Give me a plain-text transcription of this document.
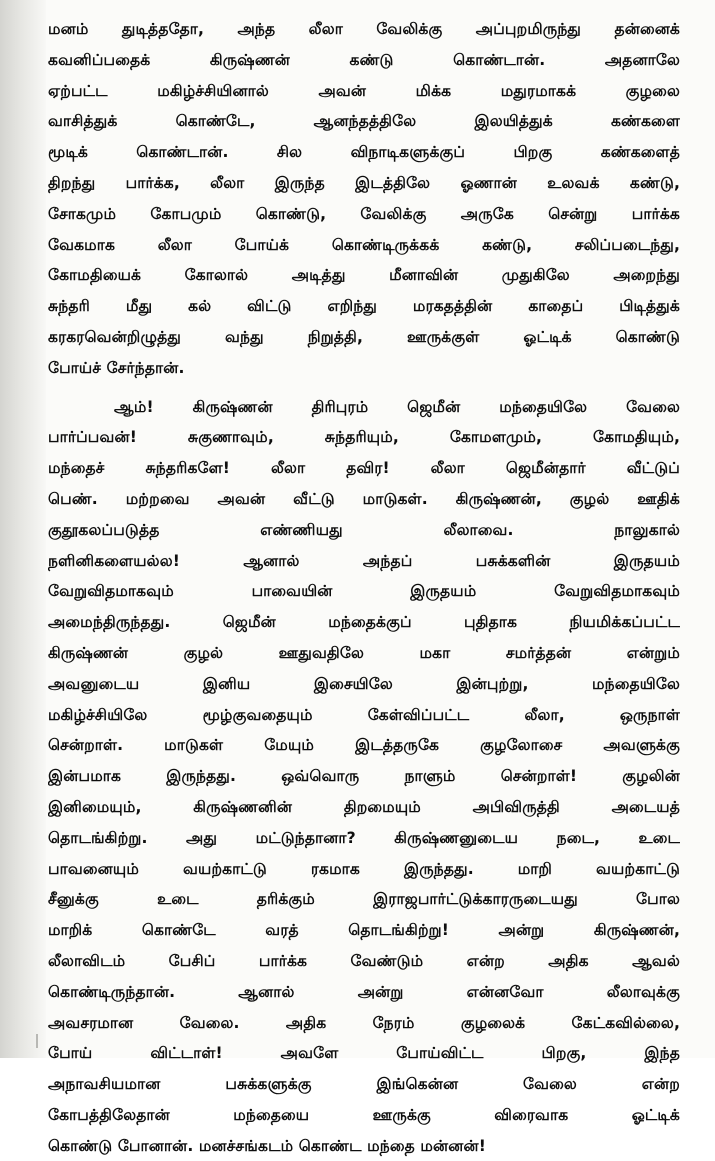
மனம் துடித்ததோ, அந்த லீலா வேலிக்கு அப்புறமிருந்து தன்னைக்
கவனிப்பதைக் கிருஷ்ணன் கண்டு கொண்டான். அதனாலே
ஏற்பட்ட மகிழ்ச்சியினால் அவன் மிக்க மதுரமாகக் குழலை
வாசித்துக் கொண்டே, ஆனந்தத்திலே இலயித்துக் கண்களை
மூடிக் கொண்டான். சில விநாடிகளுக்குப் பிறகு கண்களைத்
திறந்து பார்க்க, லீலா இருந்த இடத்திலே ஓணான் உலவக் கண்டு,
சோகமும் கோபமும் கொண்டு, வேலிக்கு அருகே சென்று பார்க்க
வேகமாக லீலா போய்க் கொண்டிருக்கக் கண்டு, சலிப்படைந்து,
கோமதியைக் கோலால் அடித்து மீனாவின் முதுகிலே அறைந்து
சுந்தரி மீது கல் விட்டு எறிந்து மரகதத்தின் காதைப் பிடித்துக்
கரகரவென்றிழுத்து வந்து நிறுத்தி, ஊருக்குள் ஓட்டிக் கொண்டு
போய்ச் சேர்ந்தான்.
ஆம்! கிருஷ்ணன் திரிபுரம் ஜெமீன் மந்தையிலே வேலை
பார்ப்பவன்! சுகுணாவும், சுந்தரியும், கோமளமும், கோமதியும்,
மந்தைச் சுந்தரிகளே! லீலா தவிர! லீலா ஜெமீன்தார் வீட்டுப்
பெண். மற்றவை அவன் வீட்டு மாடுகள். கிருஷ்ணன், குழல் ஊதிக்
குதூகலப்படுத்த எண்ணியது லீலாவை. நாலுகால்
நளினிகளையல்ல! ஆனால் அந்தப் பசுக்களின் இருதயம்
வேறுவிதமாகவும் பாவையின் இருதயம் வேறுவிதமாகவும்
அமைந்திருந்தது. ஜெமீன் மந்தைக்குப் புதிதாக நியமிக்கப்பட்ட
கிருஷ்ணன் குழல் ஊதுவதிலே மகா சமர்த்தன் என்றும்
அவனுடைய இனிய இசையிலே இன்புற்று, மந்தையிலே
மகிழ்ச்சியிலே மூழ்குவதையும் கேள்விப்பட்ட லீலா, ஒருநாள்
சென்றாள். மாடுகள் மேயும் இடத்தருகே குழலோசை அவளுக்கு
இன்பமாக இருந்தது. ஒவ்வொரு நாளும் சென்றாள்! குழலின்
இனிமையும், கிருஷ்ணனின் திறமையும் அபிவிருத்தி அடையத்
தொடங்கிற்று. அது மட்டுந்தானா? கிருஷ்ணனுடைய நடை, உடை
பாவனையும் வயற்காட்டு ரகமாக இருந்தது. மாறி வயற்காட்டு
சீனுக்கு உடை தரிக்கும் இராஜபார்ட்டுக்காரருடையது போல
மாறிக் கொண்டே வரத் தொடங்கிற்று! அன்று கிருஷ்ணன்,
லீலாவிடம் பேசிப் பார்க்க வேண்டும் என்ற அதிக ஆவல்
கொண்டிருந்தான். ஆனால் அன்று என்னவோ லீலாவுக்கு
அவசரமான வேலை. அதிக நேரம் குழலைக் கேட்கவில்லை,
போய் விட்டாள்! அவளே போய்விட்ட பிறகு, இந்த
அநாவசியமான பசுக்களுக்கு இங்கென்ன வேலை என்ற
கோபத்திலேதான் மந்தையை ஊருக்கு விரைவாக ஓட்டிக்
கொண்டு போனான். மனச்சங்கடம் கொண்ட மந்தை மன்னன்!
